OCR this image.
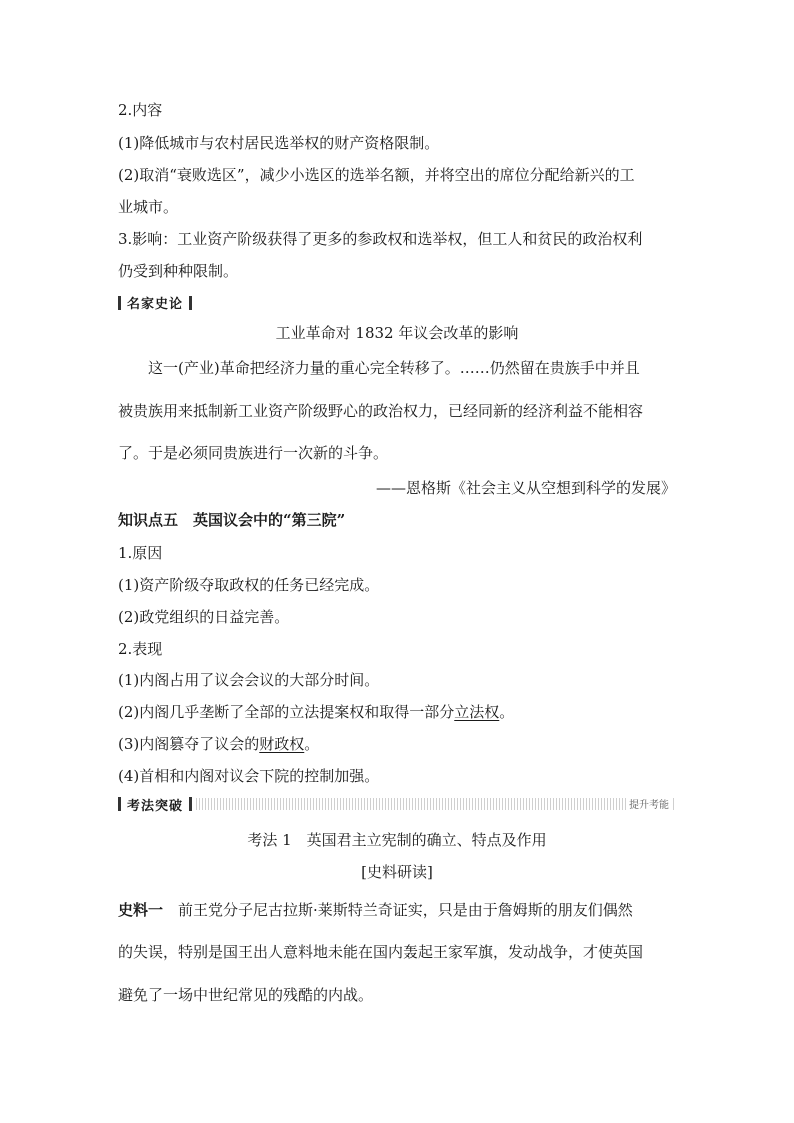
2.内容
(1)降低城市与农村居民选举权的财产资格限制。
(2)取消“衰败选区”，减少小选区的选举名额，并将空出的席位分配给新兴的工
业城市。
3.影响：工业资产阶级获得了更多的参政权和选举权，但工人和贫民的政治权利
仍受到种种限制。
名家史论
工业革命对 1832 年议会改革的影响
这一(产业)革命把经济力量的重心完全转移了。……仍然留在贵族手中并且
被贵族用来抵制新工业资产阶级野心的政治权力，已经同新的经济利益不能相容
了。于是必须同贵族进行一次新的斗争。
——恩格斯《社会主义从空想到科学的发展》
知识点五　英国议会中的“第三院”
1.原因
(1)资产阶级夺取政权的任务已经完成。
(2)政党组织的日益完善。
2.表现
(1)内阁占用了议会会议的大部分时间。
(2)内阁几乎垄断了全部的立法提案权和取得一部分立法权。
(3)内阁篡夺了议会的财政权。
(4)首相和内阁对议会下院的控制加强。
考法突破	提升考能
考法 1　英国君主立宪制的确立、特点及作用
[史料研读]
史料一　前王党分子尼古拉斯·莱斯特兰奇证实，只是由于詹姆斯的朋友们偶然
的失误，特别是国王出人意料地未能在国内轰起王家军旗，发动战争，才使英国
避免了一场中世纪常见的残酷的内战。
